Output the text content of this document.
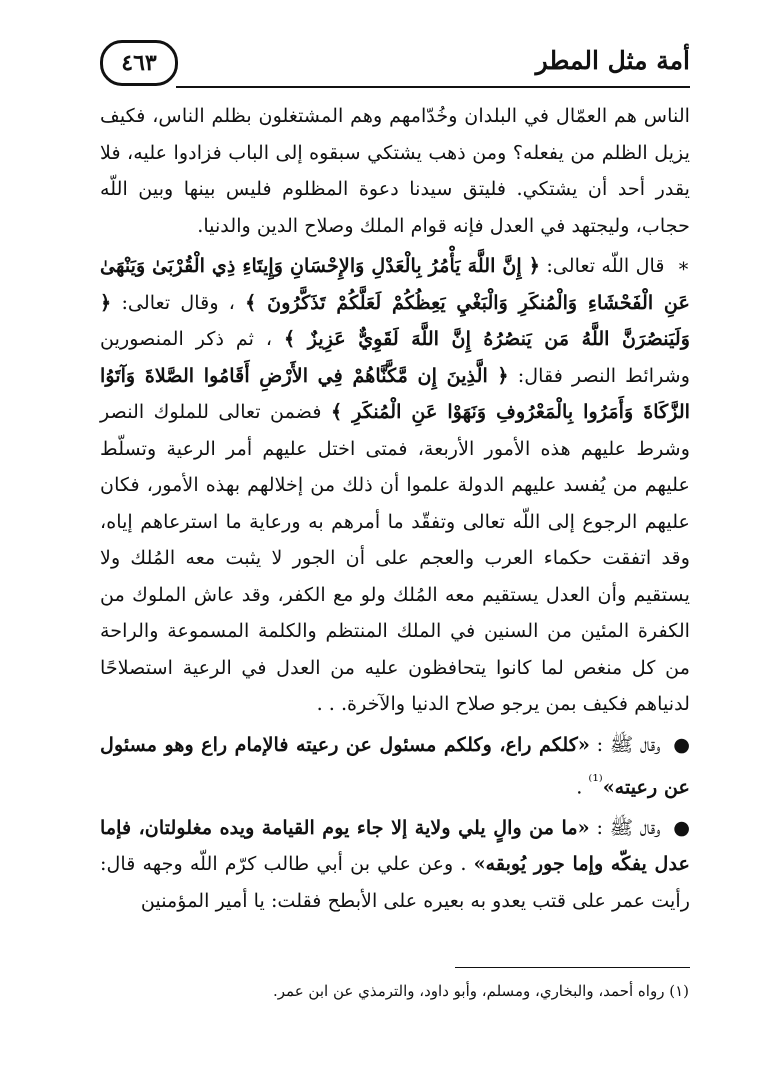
أمة مثل المطر
٤٦٣

الناس هم العمّال في البلدان وخُدّامهم وهم المشتغلون بظلم الناس، فكيف يزيل الظلم من يفعله؟ ومن ذهب يشتكي سبقوه إلى الباب فزادوا عليه، فلا يقدر أحد أن يشتكي. فليتق سيدنا دعوة المظلوم فليس بينها وبين اللّه حجاب، وليجتهد في العدل فإنه قوام الملك وصلاح الدين والدنيا.

∗ قال اللّه تعالى: ﴿ إِنَّ اللَّهَ يَأْمُرُ بِالْعَدْلِ وَالإِحْسَانِ وَإِيتَاءِ ذِي الْقُرْبَىٰ وَيَنْهَىٰ عَنِ الْفَحْشَاءِ وَالْمُنكَرِ وَالْبَغْيِ يَعِظُكُمْ لَعَلَّكُمْ تَذَكَّرُونَ ﴾ ، وقال تعالى: ﴿ وَلَيَنصُرَنَّ اللَّهُ مَن يَنصُرُهُ إِنَّ اللَّهَ لَقَوِيٌّ عَزِيزٌ ﴾ ، ثم ذكر المنصورين وشرائط النصر فقال: ﴿ الَّذِينَ إِن مَّكَّنَّاهُمْ فِي الأَرْضِ أَقَامُوا الصَّلاةَ وَآتَوُا الزَّكَاةَ وَأَمَرُوا بِالْمَعْرُوفِ وَنَهَوْا عَنِ الْمُنكَرِ ﴾ فضمن تعالى للملوك النصر وشرط عليهم هذه الأمور الأربعة، فمتى اختل عليهم أمر الرعية وتسلّط عليهم من يُفسد عليهم الدولة علموا أن ذلك من إخلالهم بهذه الأمور، فكان عليهم الرجوع إلى اللّه تعالى وتفقّد ما أمرهم به ورعاية ما استرعاهم إياه، وقد اتفقت حكماء العرب والعجم على أن الجور لا يثبت معه المُلك ولا يستقيم وأن العدل يستقيم معه المُلك ولو مع الكفر، وقد عاش الملوك من الكفرة المئين من السنين في الملك المنتظم والكلمة المسموعة والراحة من كل منغص لما كانوا يتحافظون عليه من العدل في الرعية استصلاحًا لدنياهم فكيف بمن يرجو صلاح الدنيا والآخرة. . .

● وقال ﷺ : «كلكم راع، وكلكم مسئول عن رعيته فالإمام راع وهو مسئول عن رعيته»$^{^{(1)}}$ .

● وقال ﷺ : «ما من والٍ يلي ولاية إلا جاء يوم القيامة ويده مغلولتان، فإما عدل يفكّه وإما جور يُوبقه» . وعن علي بن أبي طالب كرّم اللّه وجهه قال: رأيت عمر على قتب يعدو به بعيره على الأبطح فقلت: يا أمير المؤمنين

(١) رواه أحمد، والبخاري، ومسلم، وأبو داود، والترمذي عن ابن عمر.
